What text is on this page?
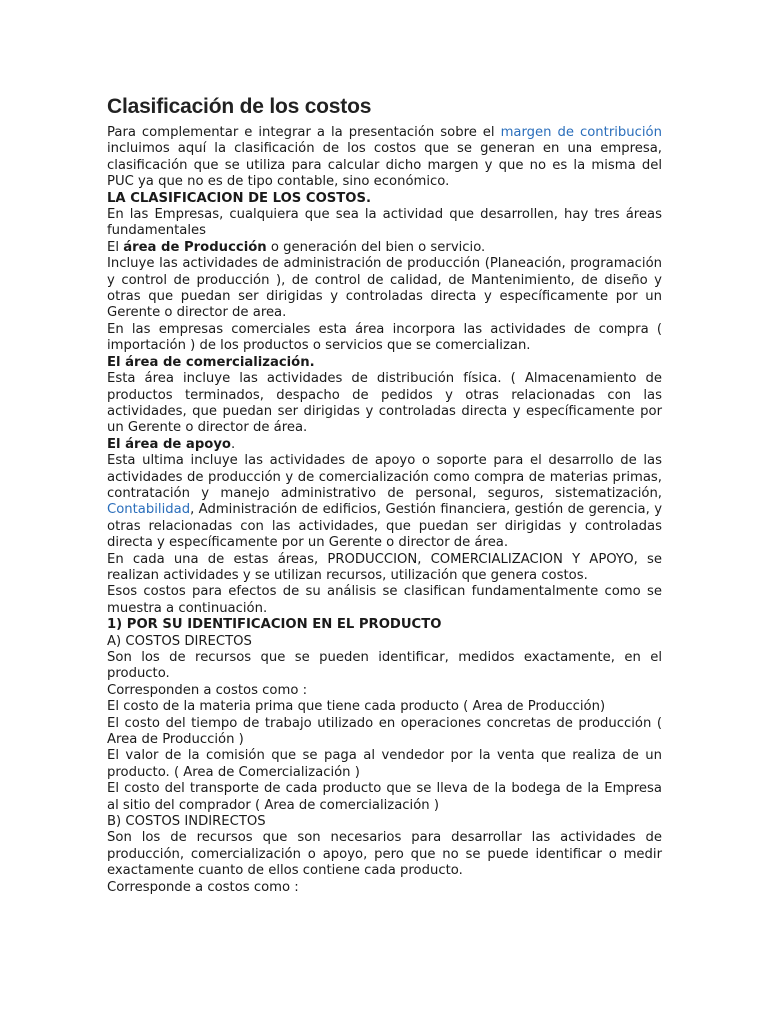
Clasificación de los costos

Para complementar e integrar a la presentación sobre el margen de contribución incluimos aquí la clasificación de los costos que se generan en una empresa, clasificación que se utiliza para calcular dicho margen y que no es la misma del PUC ya que no es de tipo contable, sino económico.

LA CLASIFICACION DE LOS COSTOS.

En las Empresas, cualquiera que sea la actividad que desarrollen, hay tres áreas fundamentales

El área de Producción o generación del bien o servicio.

Incluye las actividades de administración de producción (Planeación, programación y control de producción ), de control de calidad, de Mantenimiento, de diseño y otras que puedan ser dirigidas y controladas directa y específicamente por un Gerente o director de area.

En las empresas comerciales esta área incorpora las actividades de compra ( importación ) de los productos o servicios que se comercializan.

El área de comercialización.

Esta área incluye las actividades de distribución física. ( Almacenamiento de productos terminados, despacho de pedidos y otras relacionadas con las actividades, que puedan ser dirigidas y controladas directa y específicamente por un Gerente o director de área.

El área de apoyo.

Esta ultima incluye las actividades de apoyo o soporte para el desarrollo de las actividades de producción y de comercialización como compra de materias primas, contratación y manejo administrativo de personal, seguros, sistematización, Contabilidad, Administración de edificios, Gestión financiera, gestión de gerencia, y otras relacionadas con las actividades, que puedan ser dirigidas y controladas directa y específicamente por un Gerente o director de área.

En cada una de estas áreas, PRODUCCION, COMERCIALIZACION Y APOYO, se realizan actividades y se utilizan recursos, utilización que genera costos.

Esos costos para efectos de su análisis se clasifican fundamentalmente como se muestra a continuación.

1) POR SU IDENTIFICACION EN EL PRODUCTO

A) COSTOS DIRECTOS

Son los de recursos que se pueden identificar, medidos exactamente, en el producto.

Corresponden a costos como :

El costo de la materia prima que tiene cada producto ( Area de Producción)

El costo del tiempo de trabajo utilizado en operaciones concretas de producción ( Area de Producción )

El valor de la comisión que se paga al vendedor por la venta que realiza de un producto. ( Area de Comercialización )

El costo del transporte de cada producto que se lleva de la bodega de la Empresa al sitio del comprador ( Area de comercialización )

B) COSTOS INDIRECTOS

Son los de recursos que son necesarios para desarrollar las actividades de producción, comercialización o apoyo, pero que no se puede identificar o medir exactamente cuanto de ellos contiene cada producto.

Corresponde a costos como :
